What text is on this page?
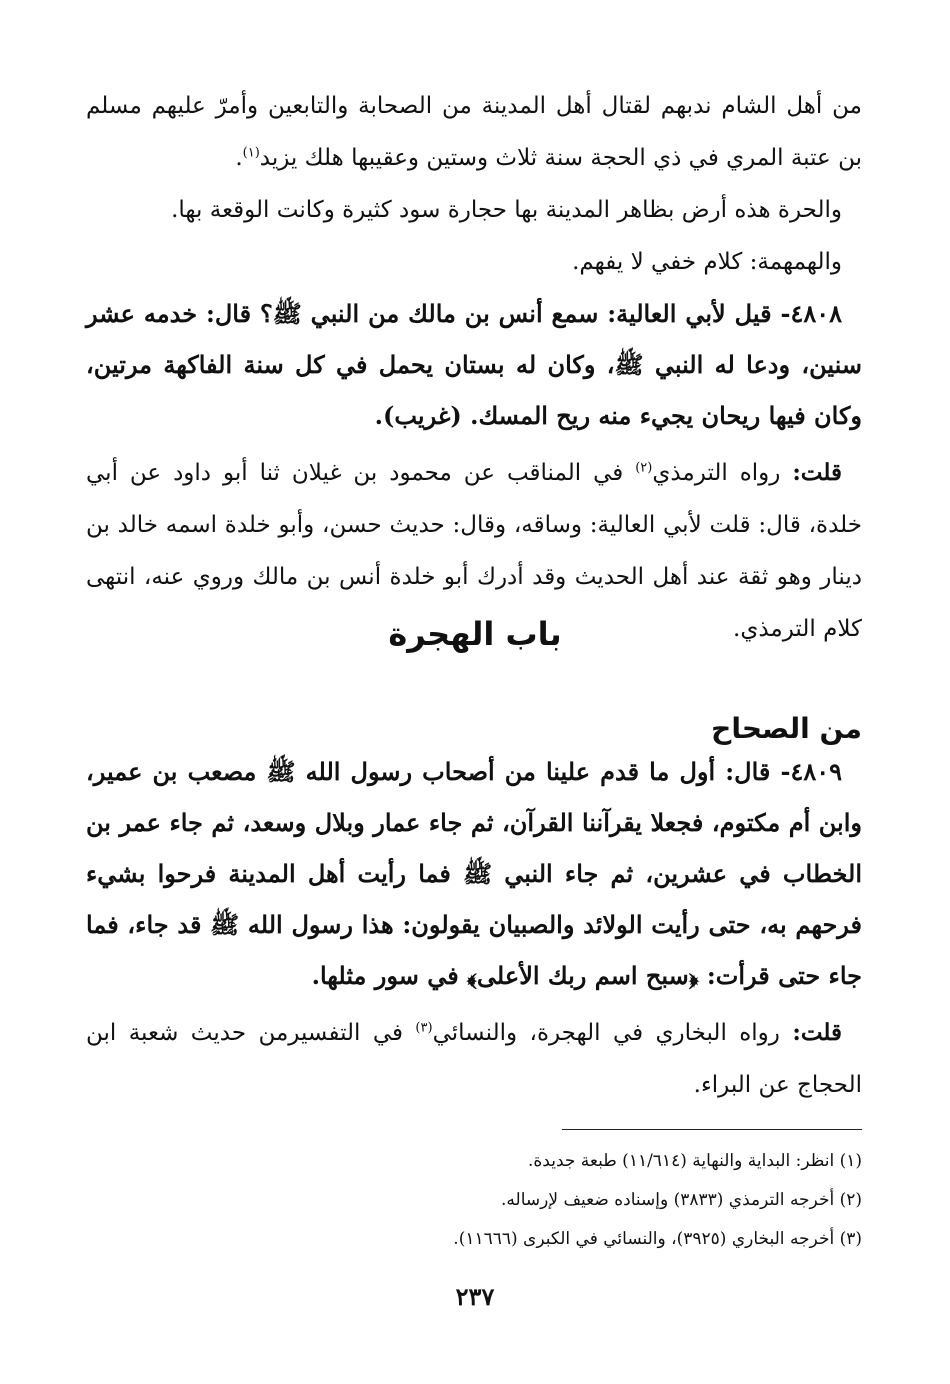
من أهل الشام ندبهم لقتال أهل المدينة من الصحابة والتابعين وأمرّ عليهم مسلم بن عتبة المري في ذي الحجة سنة ثلاث وستين وعقيبها هلك يزيد$^{(١)}$.

والحرة هذه أرض بظاهر المدينة بها حجارة سود كثيرة وكانت الوقعة بها.

والهمهمة: كلام خفي لا يفهم.

٤٨٠٨- قيل لأبي العالية: سمع أنس بن مالك من النبي ﷺ؟ قال: خدمه عشر سنين، ودعا له النبي ﷺ، وكان له بستان يحمل في كل سنة الفاكهة مرتين، وكان فيها ريحان يجيء منه ريح المسك. (غريب).

قلت: رواه الترمذي$^{(٢)}$ في المناقب عن محمود بن غيلان ثنا أبو داود عن أبي خلدة، قال: قلت لأبي العالية: وساقه، وقال: حديث حسن، وأبو خلدة اسمه خالد بن دينار وهو ثقة عند أهل الحديث وقد أدرك أبو خلدة أنس بن مالك وروي عنه، انتهى كلام الترمذي.

باب الهجرة
من الصحاح

٤٨٠٩- قال: أول ما قدم علينا من أصحاب رسول الله ﷺ مصعب بن عمير، وابن أم مكتوم، فجعلا يقرآننا القرآن، ثم جاء عمار وبلال وسعد، ثم جاء عمر بن الخطاب في عشرين، ثم جاء النبي ﷺ فما رأيت أهل المدينة فرحوا بشيء فرحهم به، حتى رأيت الولائد والصبيان يقولون: هذا رسول الله ﷺ قد جاء، فما جاء حتى قرأت: ﴿سبح اسم ربك الأعلى﴾ في سور مثلها.

قلت: رواه البخاري في الهجرة، والنسائي$^{(٣)}$ في التفسيرمن حديث شعبة ابن الحجاج عن البراء.

(١) انظر: البداية والنهاية (١١/٦١٤) طبعة جديدة.
(٢) أخرجه الترمذي (٣٨٣٣) وإسناده ضعيف لإرساله.
(٣) أخرجه البخاري (٣٩٢٥)، والنسائي في الكبرى (١١٦٦٦).
٢٣٧
